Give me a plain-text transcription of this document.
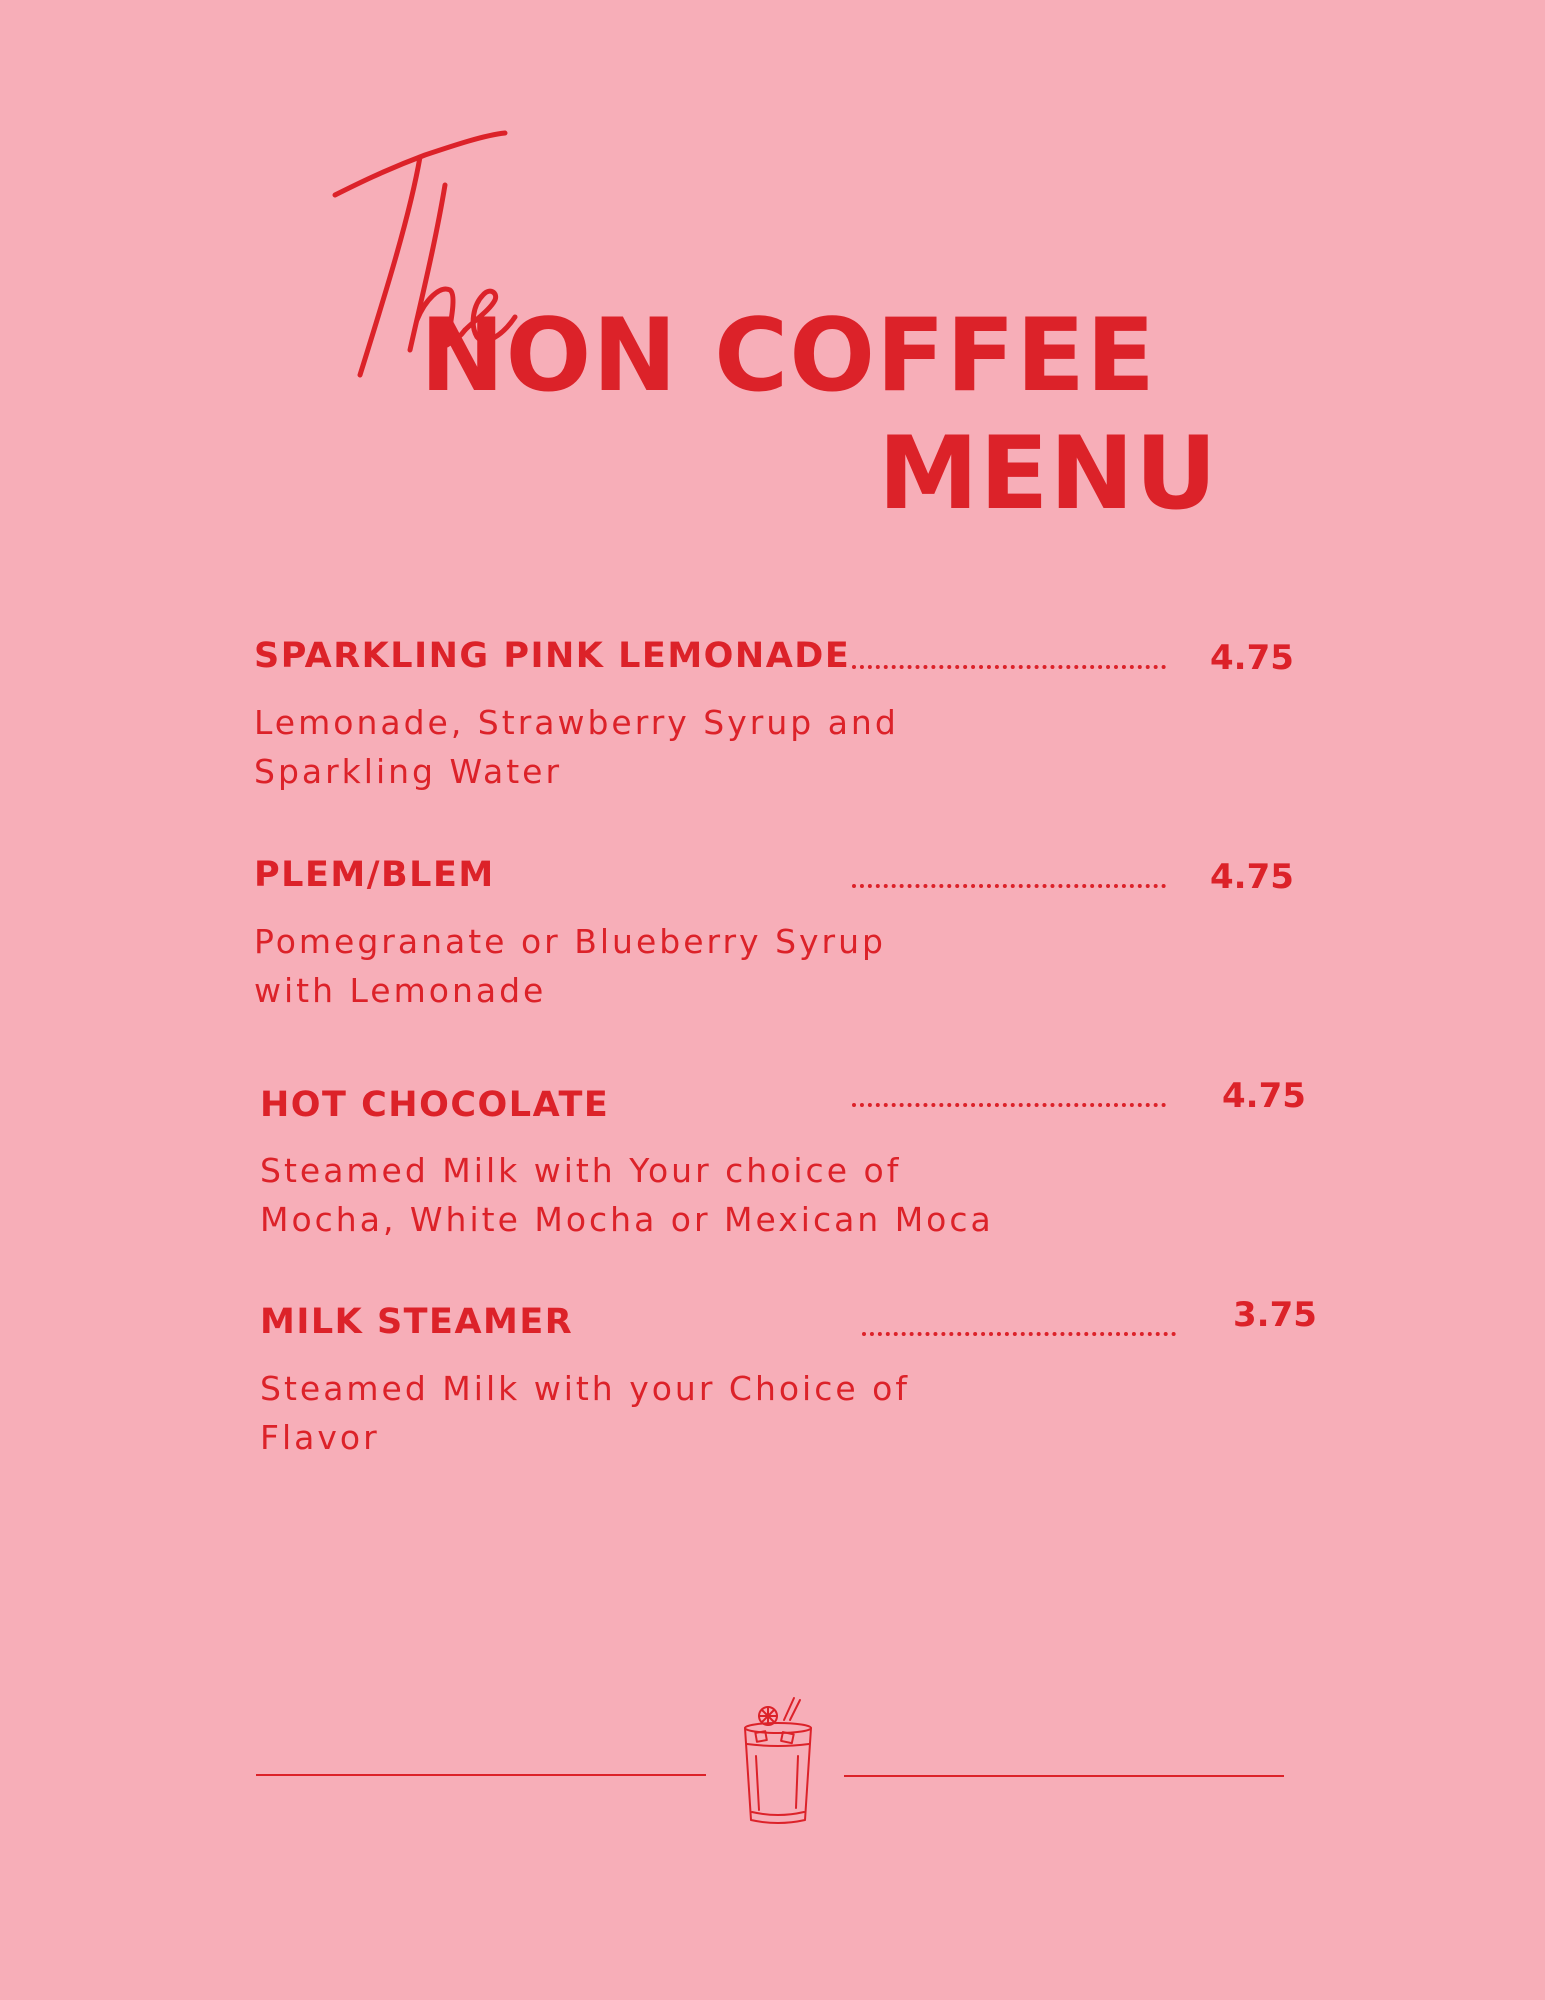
NON COFFEE
MENU
SPARKLING PINK LEMONADE	4.75
Lemonade, Strawberry Syrup and
Sparkling Water
PLEM/BLEM	4.75
Pomegranate or Blueberry Syrup
with Lemonade
HOT CHOCOLATE	4.75
Steamed Milk with Your choice of
Mocha, White Mocha or Mexican Moca
MILK STEAMER	3.75
Steamed Milk with your Choice of
Flavor
